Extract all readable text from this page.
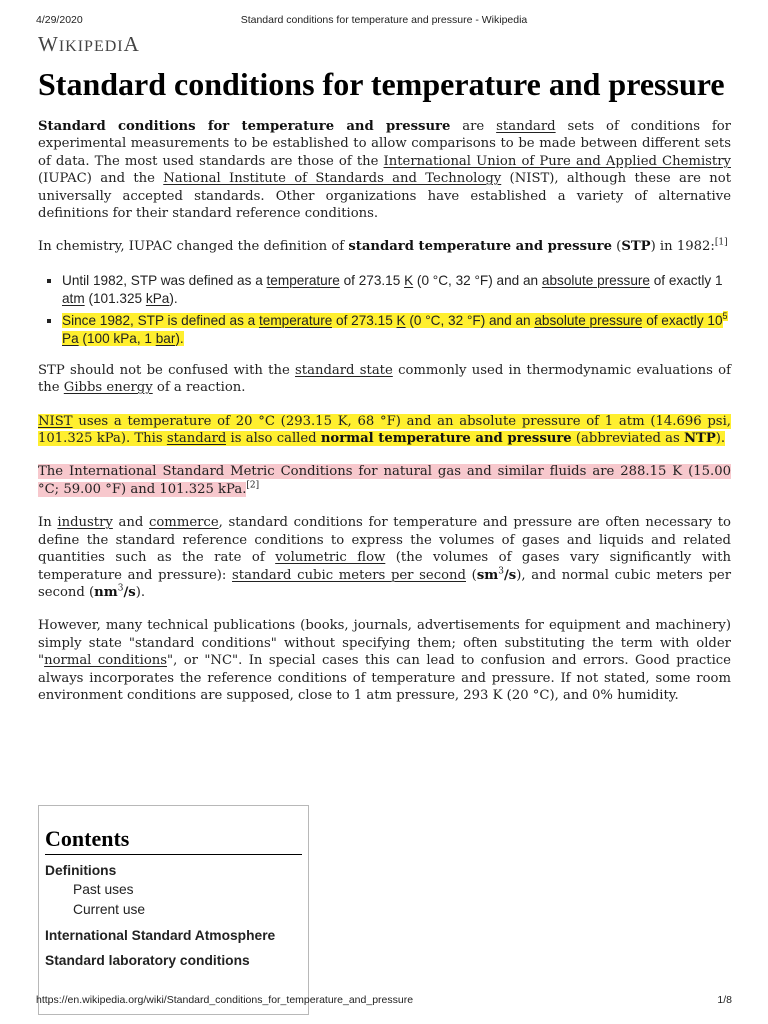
4/29/2020	Standard conditions for temperature and pressure - Wikipedia
WIKIPEDIA
Standard conditions for temperature and pressure

Standard conditions for temperature and pressure are standard sets of conditions for experimental measurements to be established to allow comparisons to be made between different sets of data. The most used standards are those of the International Union of Pure and Applied Chemistry (IUPAC) and the National Institute of Standards and Technology (NIST), although these are not universally accepted standards. Other organizations have established a variety of alternative definitions for their standard reference conditions.

In chemistry, IUPAC changed the definition of standard temperature and pressure (STP) in 1982:[1]

▪ Until 1982, STP was defined as a temperature of 273.15 K (0 °C, 32 °F) and an absolute pressure of exactly 1 atm (101.325 kPa).
▪ Since 1982, STP is defined as a temperature of 273.15 K (0 °C, 32 °F) and an absolute pressure of exactly $10^5$ Pa (100 kPa, 1 bar).

STP should not be confused with the standard state commonly used in thermodynamic evaluations of the Gibbs energy of a reaction.

NIST uses a temperature of 20 °C (293.15 K, 68 °F) and an absolute pressure of 1 atm (14.696 psi, 101.325 kPa). This standard is also called normal temperature and pressure (abbreviated as NTP).

The International Standard Metric Conditions for natural gas and similar fluids are 288.15 K (15.00 °C; 59.00 °F) and 101.325 kPa.[2]

In industry and commerce, standard conditions for temperature and pressure are often necessary to define the standard reference conditions to express the volumes of gases and liquids and related quantities such as the rate of volumetric flow (the volumes of gases vary significantly with temperature and pressure): standard cubic meters per second $(sm^3/s)$, and normal cubic meters per second $(nm^3/s)$.

However, many technical publications (books, journals, advertisements for equipment and machinery) simply state "standard conditions" without specifying them; often substituting the term with older "normal conditions", or "NC". In special cases this can lead to confusion and errors. Good practice always incorporates the reference conditions of temperature and pressure. If not stated, some room environment conditions are supposed, close to 1 atm pressure, 293 K (20 °C), and 0% humidity.

Contents
Definitions
Past uses
Current use
International Standard Atmosphere
Standard laboratory conditions
https://en.wikipedia.org/wiki/Standard_conditions_for_temperature_and_pressure	1/8
